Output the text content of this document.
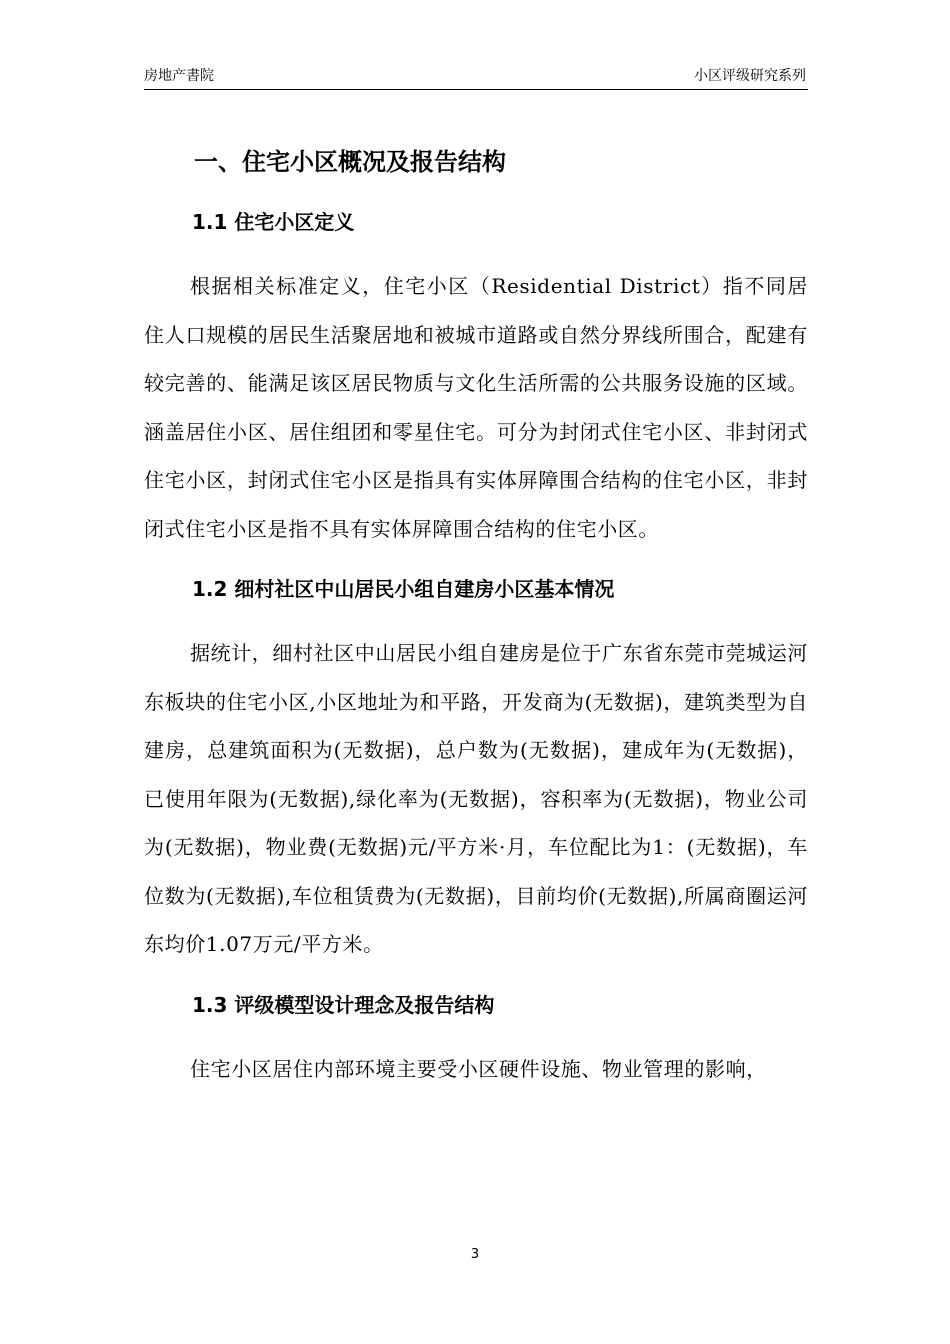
房地产書院	小区评级研究系列
一、住宅小区概况及报告结构
1.1 住宅小区定义

根据相关标准定义，住宅小区（Residential District）指不同居住人口规模的居民生活聚居地和被城市道路或自然分界线所围合，配建有较完善的、能满足该区居民物质与文化生活所需的公共服务设施的区域。涵盖居住小区、居住组团和零星住宅。可分为封闭式住宅小区、非封闭式住宅小区，封闭式住宅小区是指具有实体屏障围合结构的住宅小区，非封闭式住宅小区是指不具有实体屏障围合结构的住宅小区。

1.2 细村社区中山居民小组自建房小区基本情况

据统计，细村社区中山居民小组自建房是位于广东省东莞市莞城运河东板块的住宅小区,小区地址为和平路，开发商为(无数据)，建筑类型为自建房，总建筑面积为(无数据)，总户数为(无数据)，建成年为(无数据)，已使用年限为(无数据),绿化率为(无数据)，容积率为(无数据)，物业公司为(无数据)，物业费(无数据)元/平方米·月，车位配比为1：(无数据)，车位数为(无数据),车位租赁费为(无数据)，目前均价(无数据),所属商圈运河东均价1.07万元/平方米。

1.3 评级模型设计理念及报告结构

住宅小区居住内部环境主要受小区硬件设施、物业管理的影响，

3
